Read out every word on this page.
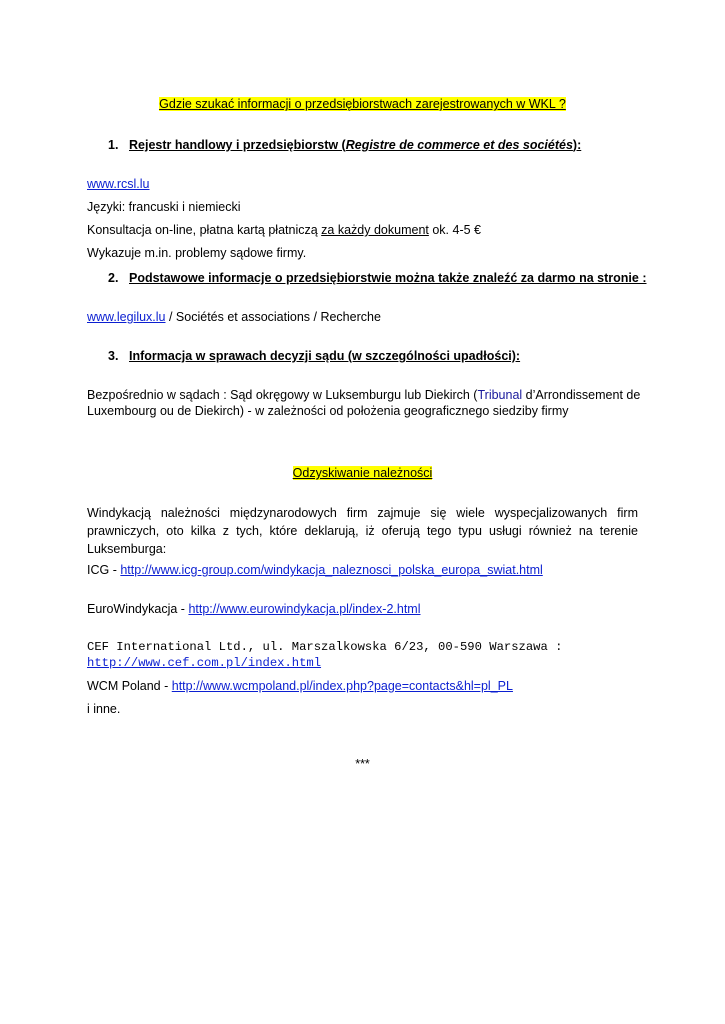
Gdzie szukać informacji o przedsiębiorstwach zarejestrowanych w WKL ?
1. Rejestr handlowy i przedsiębiorstw (Registre de commerce et des sociétés):
www.rcsl.lu
Języki: francuski i niemiecki
Konsultacja on-line, płatna kartą płatniczą za każdy dokument ok. 4-5 €
Wykazuje m.in. problemy sądowe firmy.
2. Podstawowe informacje o przedsiębiorstwie można także znaleźć za darmo na stronie :
www.legilux.lu / Sociétés et associations / Recherche
3. Informacja w sprawach decyzji sądu (w szczególności upadłości):
Bezpośrednio w sądach : Sąd okręgowy w Luksemburgu lub Diekirch (Tribunal d’Arrondissement de
Luxembourg ou de Diekirch) - w zależności od położenia geograficznego siedziby firmy
Odzyskiwanie należności
Windykacją należności międzynarodowych firm zajmuje się wiele wyspecjalizowanych firm
prawniczych, oto kilka z tych, które deklarują, iż oferują tego typu usługi również na terenie
Luksemburga:
ICG - http://www.icg-group.com/windykacja_naleznosci_polska_europa_swiat.html
EuroWindykacja - http://www.eurowindykacja.pl/index-2.html
CEF International Ltd., ul. Marszalkowska 6/23, 00-590 Warszawa :
http://www.cef.com.pl/index.html
WCM Poland - http://www.wcmpoland.pl/index.php?page=contacts&hl=pl_PL
i inne.
***
